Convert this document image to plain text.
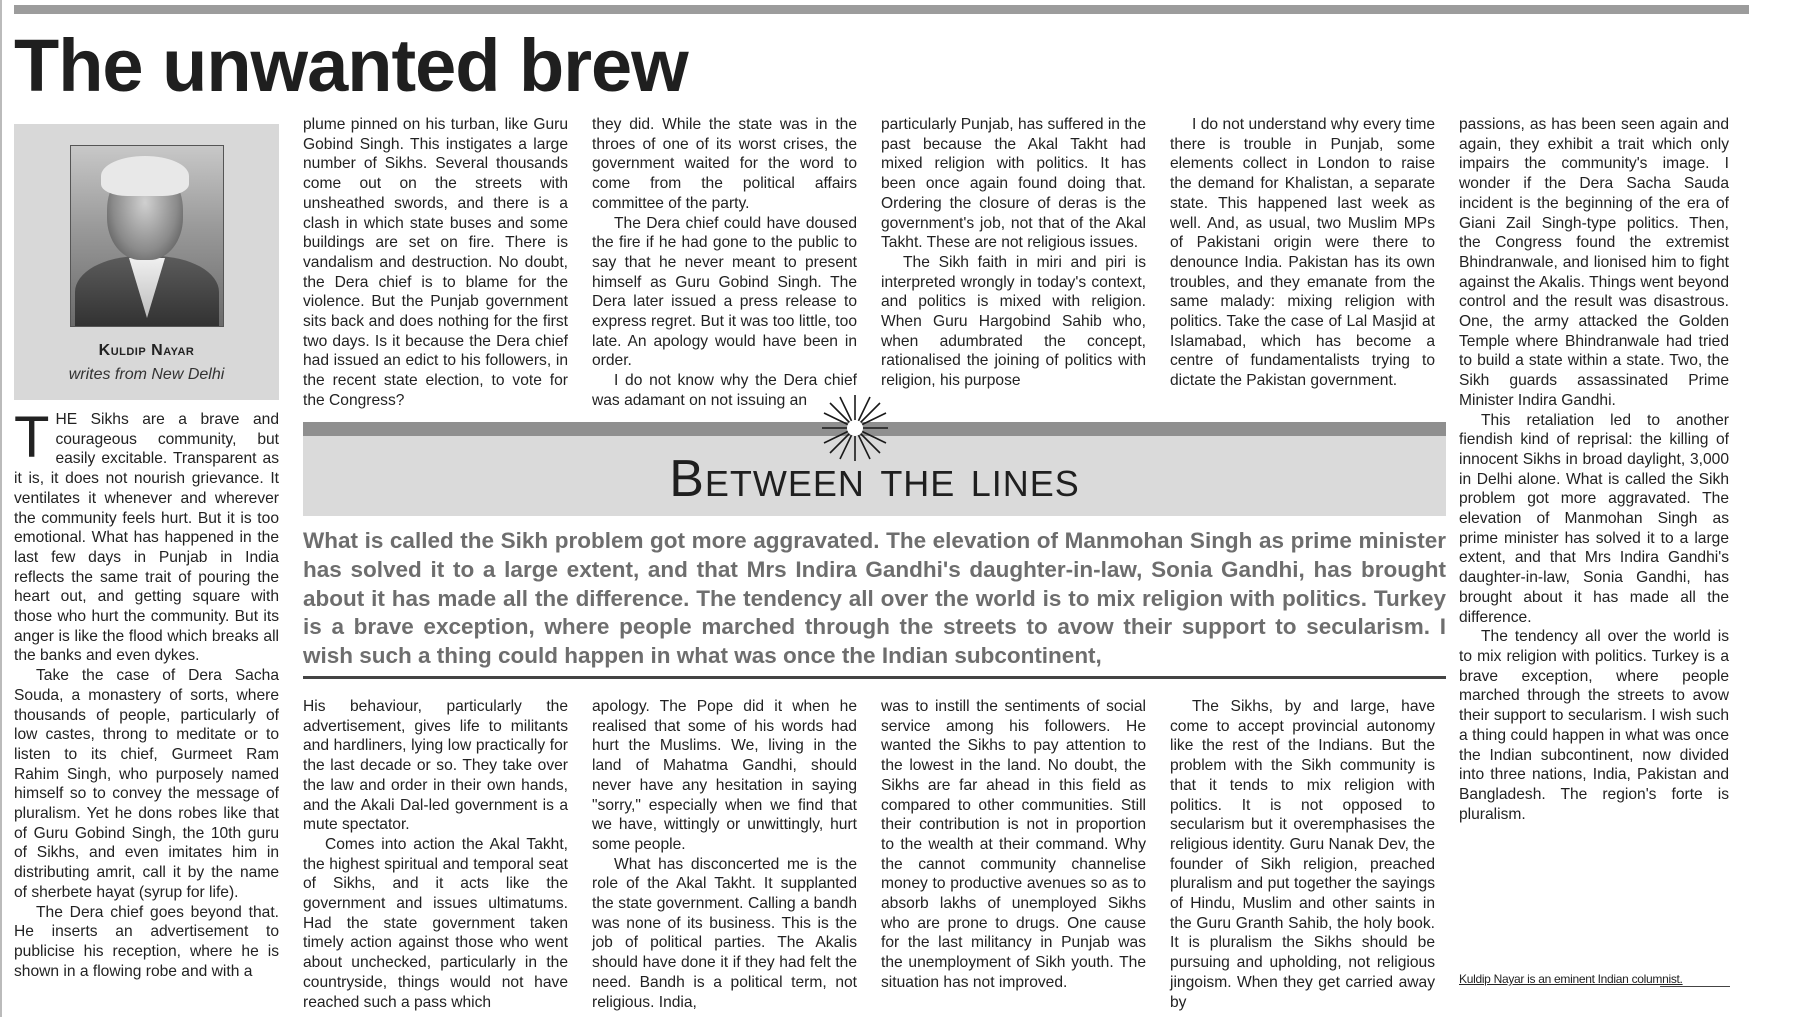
The unwanted brew
Kuldip Nayar
writes from New Delhi

THE Sikhs are a brave and courageous community, but easily excitable. Transparent as it is, it does not nourish grievance. It ventilates it whenever and wherever the community feels hurt. But it is too emotional. What has happened in the last few days in Punjab in India reflects the same trait of pouring the heart out, and getting square with those who hurt the community. But its anger is like the flood which breaks all the banks and even dykes.

Take the case of Dera Sacha Souda, a monastery of sorts, where thousands of people, particularly of low castes, throng to meditate or to listen to its chief, Gurmeet Ram Rahim Singh, who purposely named himself so to convey the message of pluralism. Yet he dons robes like that of Guru Gobind Singh, the 10th guru of Sikhs, and even imitates him in distributing amrit, call it by the name of sherbete hayat (syrup for life).

The Dera chief goes beyond that. He inserts an advertisement to publicise his reception, where he is shown in a flowing robe and with a

plume pinned on his turban, like Guru Gobind Singh. This instigates a large number of Sikhs. Several thousands come out on the streets with unsheathed swords, and there is a clash in which state buses and some buildings are set on fire. There is vandalism and destruction. No doubt, the Dera chief is to blame for the violence. But the Punjab government sits back and does nothing for the first two days. Is it because the Dera chief had issued an edict to his followers, in the recent state election, to vote for the Congress?

they did. While the state was in the throes of one of its worst crises, the government waited for the word to come from the political affairs committee of the party.

The Dera chief could have doused the fire if he had gone to the public to say that he never meant to present himself as Guru Gobind Singh. The Dera later issued a press release to express regret. But it was too little, too late. An apology would have been in order.

I do not know why the Dera chief was adamant on not issuing an

particularly Punjab, has suffered in the past because the Akal Takht had mixed religion with politics. It has been once again found doing that. Ordering the closure of deras is the government's job, not that of the Akal Takht. These are not religious issues.

The Sikh faith in miri and piri is interpreted wrongly in today's context, and politics is mixed with religion. When Guru Hargobind Sahib who, when adumbrated the concept, rationalised the joining of politics with religion, his purpose

I do not understand why every time there is trouble in Punjab, some elements collect in London to raise the demand for Khalistan, a separate state. This happened last week as well. And, as usual, two Muslim MPs of Pakistani origin were there to denounce India. Pakistan has its own troubles, and they emanate from the same malady: mixing religion with politics. Take the case of Lal Masjid at Islamabad, which has become a centre of fundamentalists trying to dictate the Pakistan government.

Between the lines
What is called the Sikh problem got more aggravated. The elevation of Manmohan Singh as prime minister has solved it to a large extent, and that Mrs Indira Gandhi's daughter-in-law, Sonia Gandhi, has brought about it has made all the difference. The tendency all over the world is to mix religion with politics. Turkey is a brave exception, where people marched through the streets to avow their support to secularism. I wish such a thing could happen in what was once the Indian subcontinent,

His behaviour, particularly the advertisement, gives life to militants and hardliners, lying low practically for the last decade or so. They take over the law and order in their own hands, and the Akali Dal-led government is a mute spectator.

Comes into action the Akal Takht, the highest spiritual and temporal seat of Sikhs, and it acts like the government and issues ultimatums. Had the state government taken timely action against those who went about unchecked, particularly in the countryside, things would not have reached such a pass which

apology. The Pope did it when he realised that some of his words had hurt the Muslims. We, living in the land of Mahatma Gandhi, should never have any hesitation in saying "sorry," especially when we find that we have, wittingly or unwittingly, hurt some people.

What has disconcerted me is the role of the Akal Takht. It supplanted the state government. Calling a bandh was none of its business. This is the job of political parties. The Akalis should have done it if they had felt the need. Bandh is a political term, not religious. India,

was to instill the sentiments of social service among his followers. He wanted the Sikhs to pay attention to the lowest in the land. No doubt, the Sikhs are far ahead in this field as compared to other communities. Still their contribution is not in proportion to the wealth at their command. Why the cannot community channelise money to productive avenues so as to absorb lakhs of unemployed Sikhs who are prone to drugs. One cause for the last militancy in Punjab was the unemployment of Sikh youth. The situation has not improved.

The Sikhs, by and large, have come to accept provincial autonomy like the rest of the Indians. But the problem with the Sikh community is that it tends to mix religion with politics. It is not opposed to secularism but it overemphasises the religious identity. Guru Nanak Dev, the founder of Sikh religion, preached pluralism and put together the sayings of Hindu, Muslim and other saints in the Guru Granth Sahib, the holy book. It is pluralism the Sikhs should be pursuing and upholding, not religious jingoism. When they get carried away by

passions, as has been seen again and again, they exhibit a trait which only impairs the community's image. I wonder if the Dera Sacha Sauda incident is the beginning of the era of Giani Zail Singh-type politics. Then, the Congress found the extremist Bhindranwale, and lionised him to fight against the Akalis. Things went beyond control and the result was disastrous. One, the army attacked the Golden Temple where Bhindranwale had tried to build a state within a state. Two, the Sikh guards assassinated Prime Minister Indira Gandhi.

This retaliation led to another fiendish kind of reprisal: the killing of innocent Sikhs in broad daylight, 3,000 in Delhi alone. What is called the Sikh problem got more aggravated. The elevation of Manmohan Singh as prime minister has solved it to a large extent, and that Mrs Indira Gandhi's daughter-in-law, Sonia Gandhi, has brought about it has made all the difference.

The tendency all over the world is to mix religion with politics. Turkey is a brave exception, where people marched through the streets to avow their support to secularism. I wish such a thing could happen in what was once the Indian subcontinent, now divided into three nations, India, Pakistan and Bangladesh. The region's forte is pluralism.

Kuldip Nayar is an eminent Indian columnist.
